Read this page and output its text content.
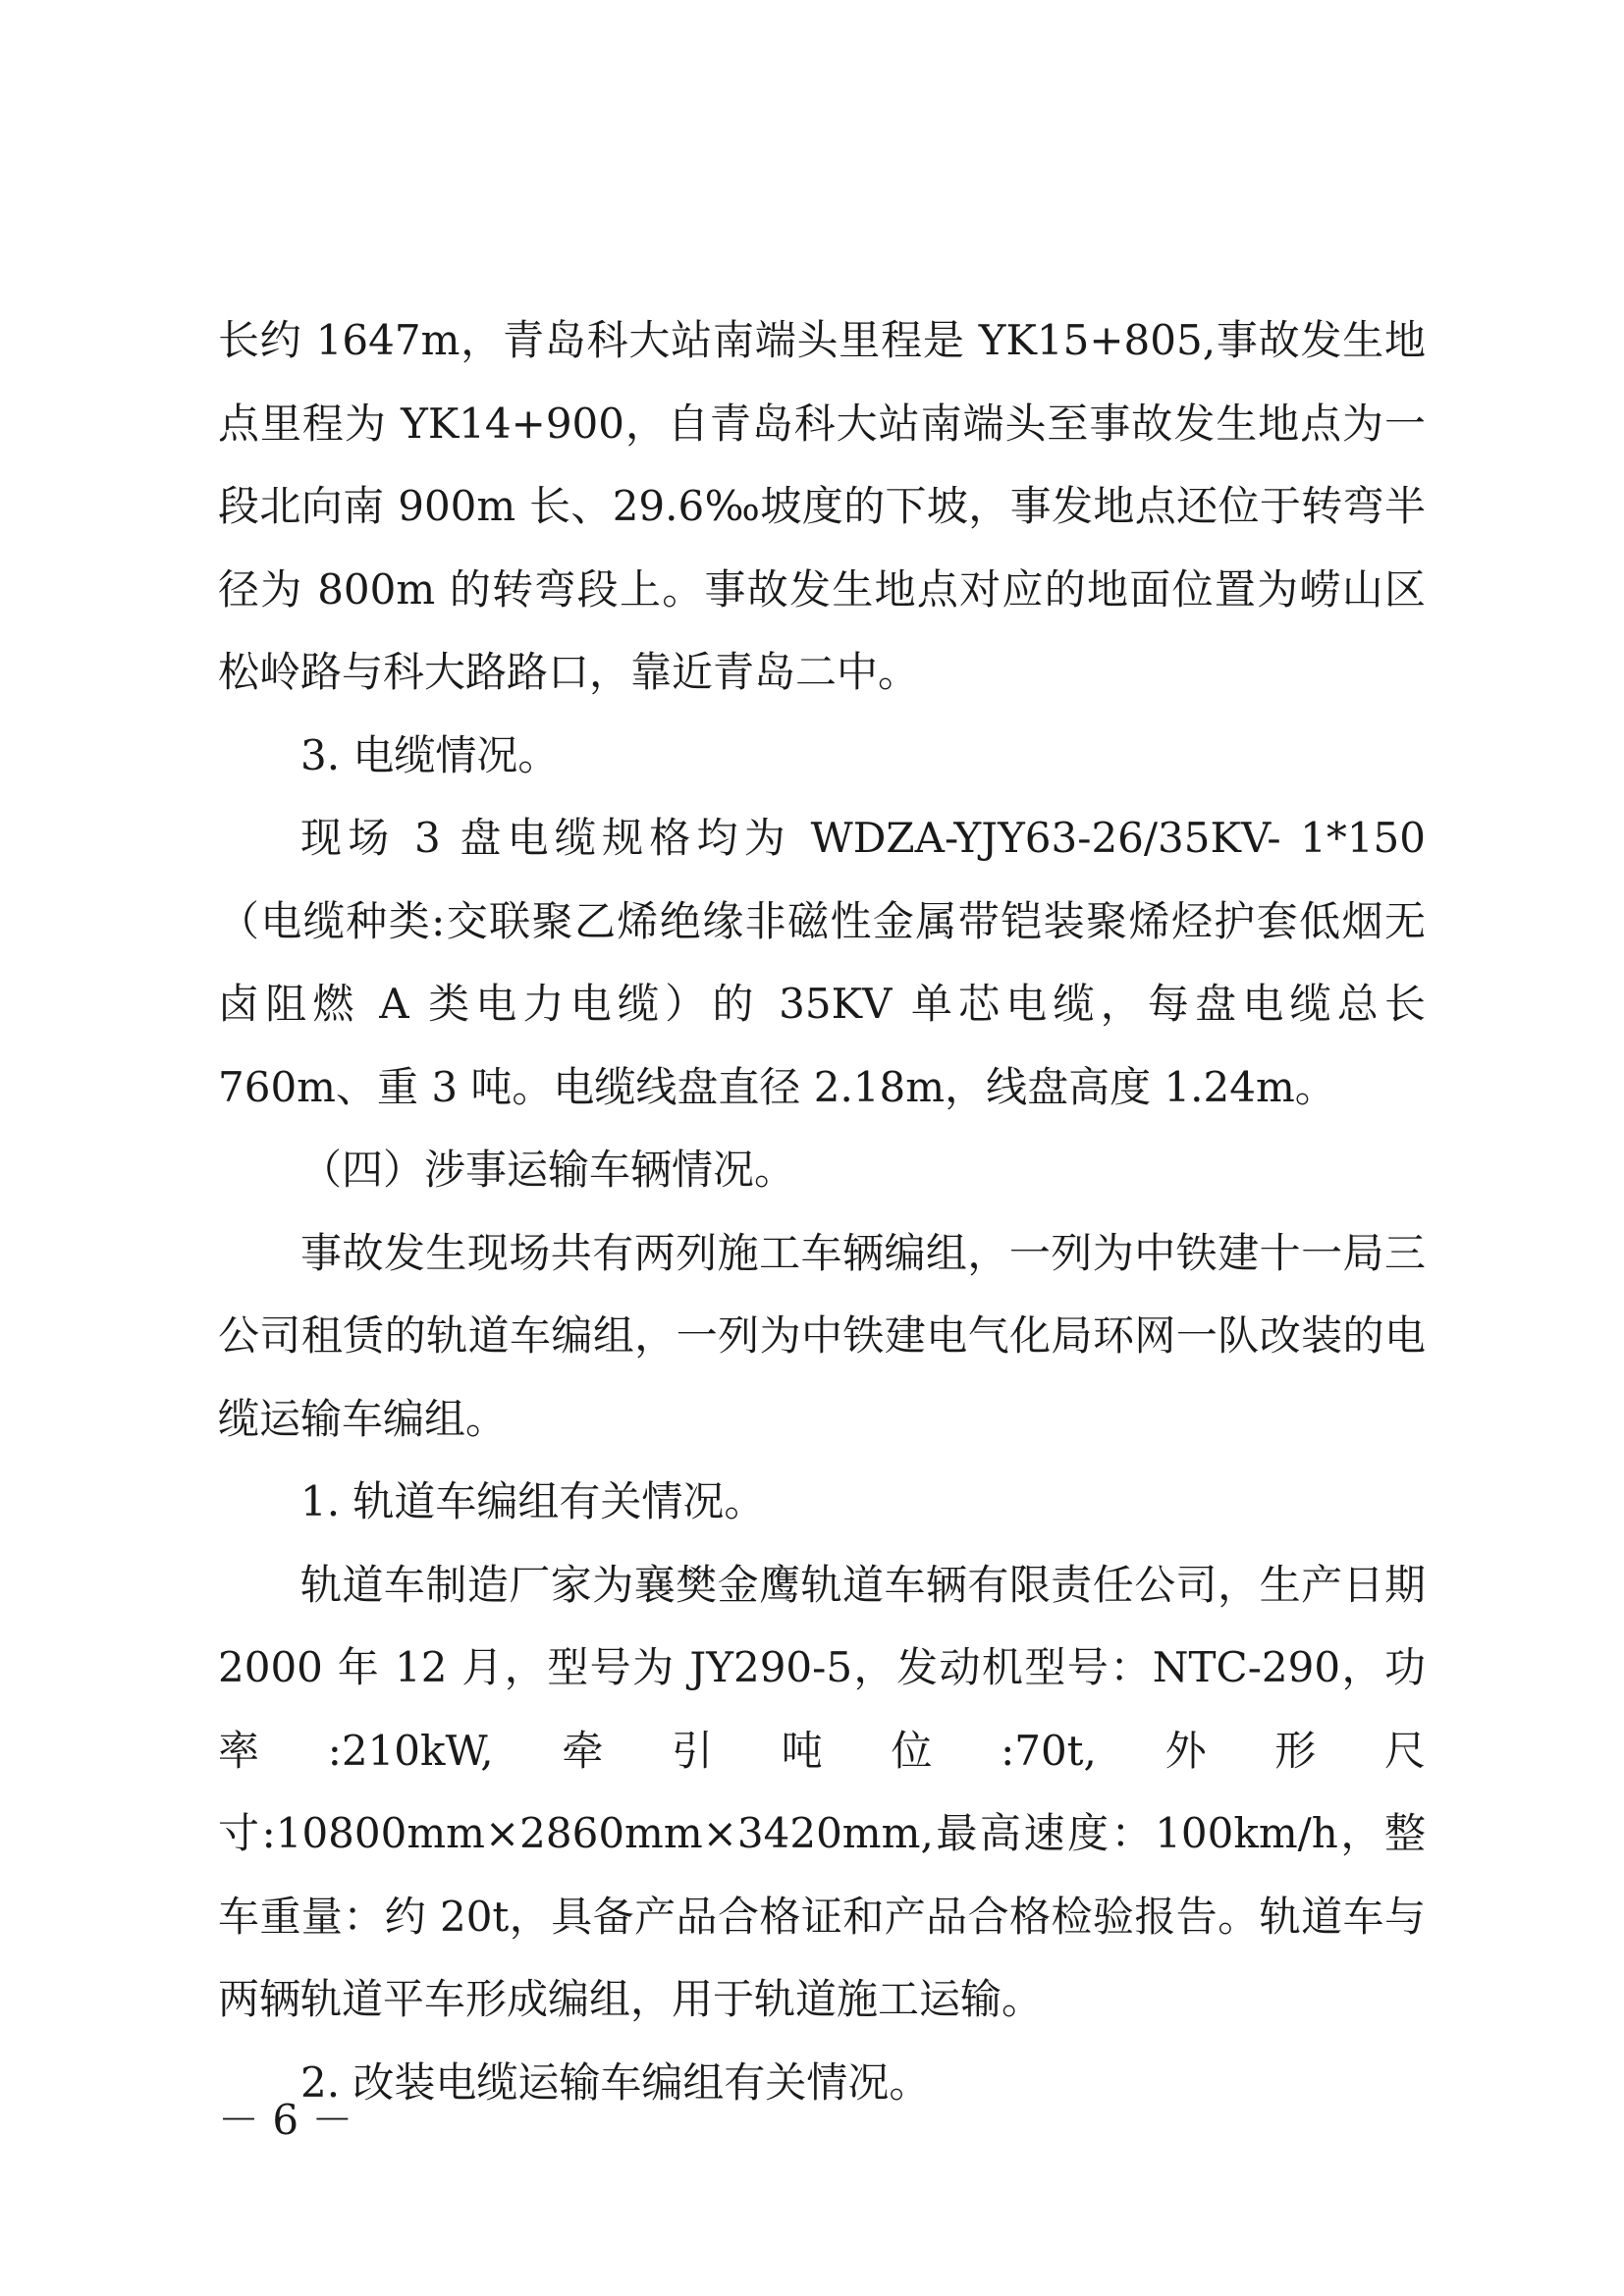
长约 1647m，青岛科大站南端头里程是 YK15+805,事故发生地点里程为 YK14+900，自青岛科大站南端头至事故发生地点为一段北向南 900m 长、29.6‰坡度的下坡，事发地点还位于转弯半径为 800m 的转弯段上。事故发生地点对应的地面位置为崂山区松岭路与科大路路口，靠近青岛二中。

3. 电缆情况。

现场 3 盘电缆规格均为 WDZA-YJY63-26/35KV- 1*150（电缆种类:交联聚乙烯绝缘非磁性金属带铠装聚烯烃护套低烟无卤阻燃 A 类电力电缆）的 35KV 单芯电缆，每盘电缆总长 760m、重 3 吨。电缆线盘直径 2.18m，线盘高度 1.24m。

（四）涉事运输车辆情况。

事故发生现场共有两列施工车辆编组，一列为中铁建十一局三公司租赁的轨道车编组，一列为中铁建电气化局环网一队改装的电缆运输车编组。

1. 轨道车编组有关情况。

轨道车制造厂家为襄樊金鹰轨道车辆有限责任公司，生产日期 2000 年 12 月，型号为 JY290-5，发动机型号：NTC-290，功率:210kW,牵引吨位:70t,外形尺寸:10800mm×2860mm×3420mm,最高速度：100km/h，整车重量：约 20t，具备产品合格证和产品合格检验报告。轨道车与两辆轨道平车形成编组，用于轨道施工运输。

2. 改装电缆运输车编组有关情况。

－ 6 －
